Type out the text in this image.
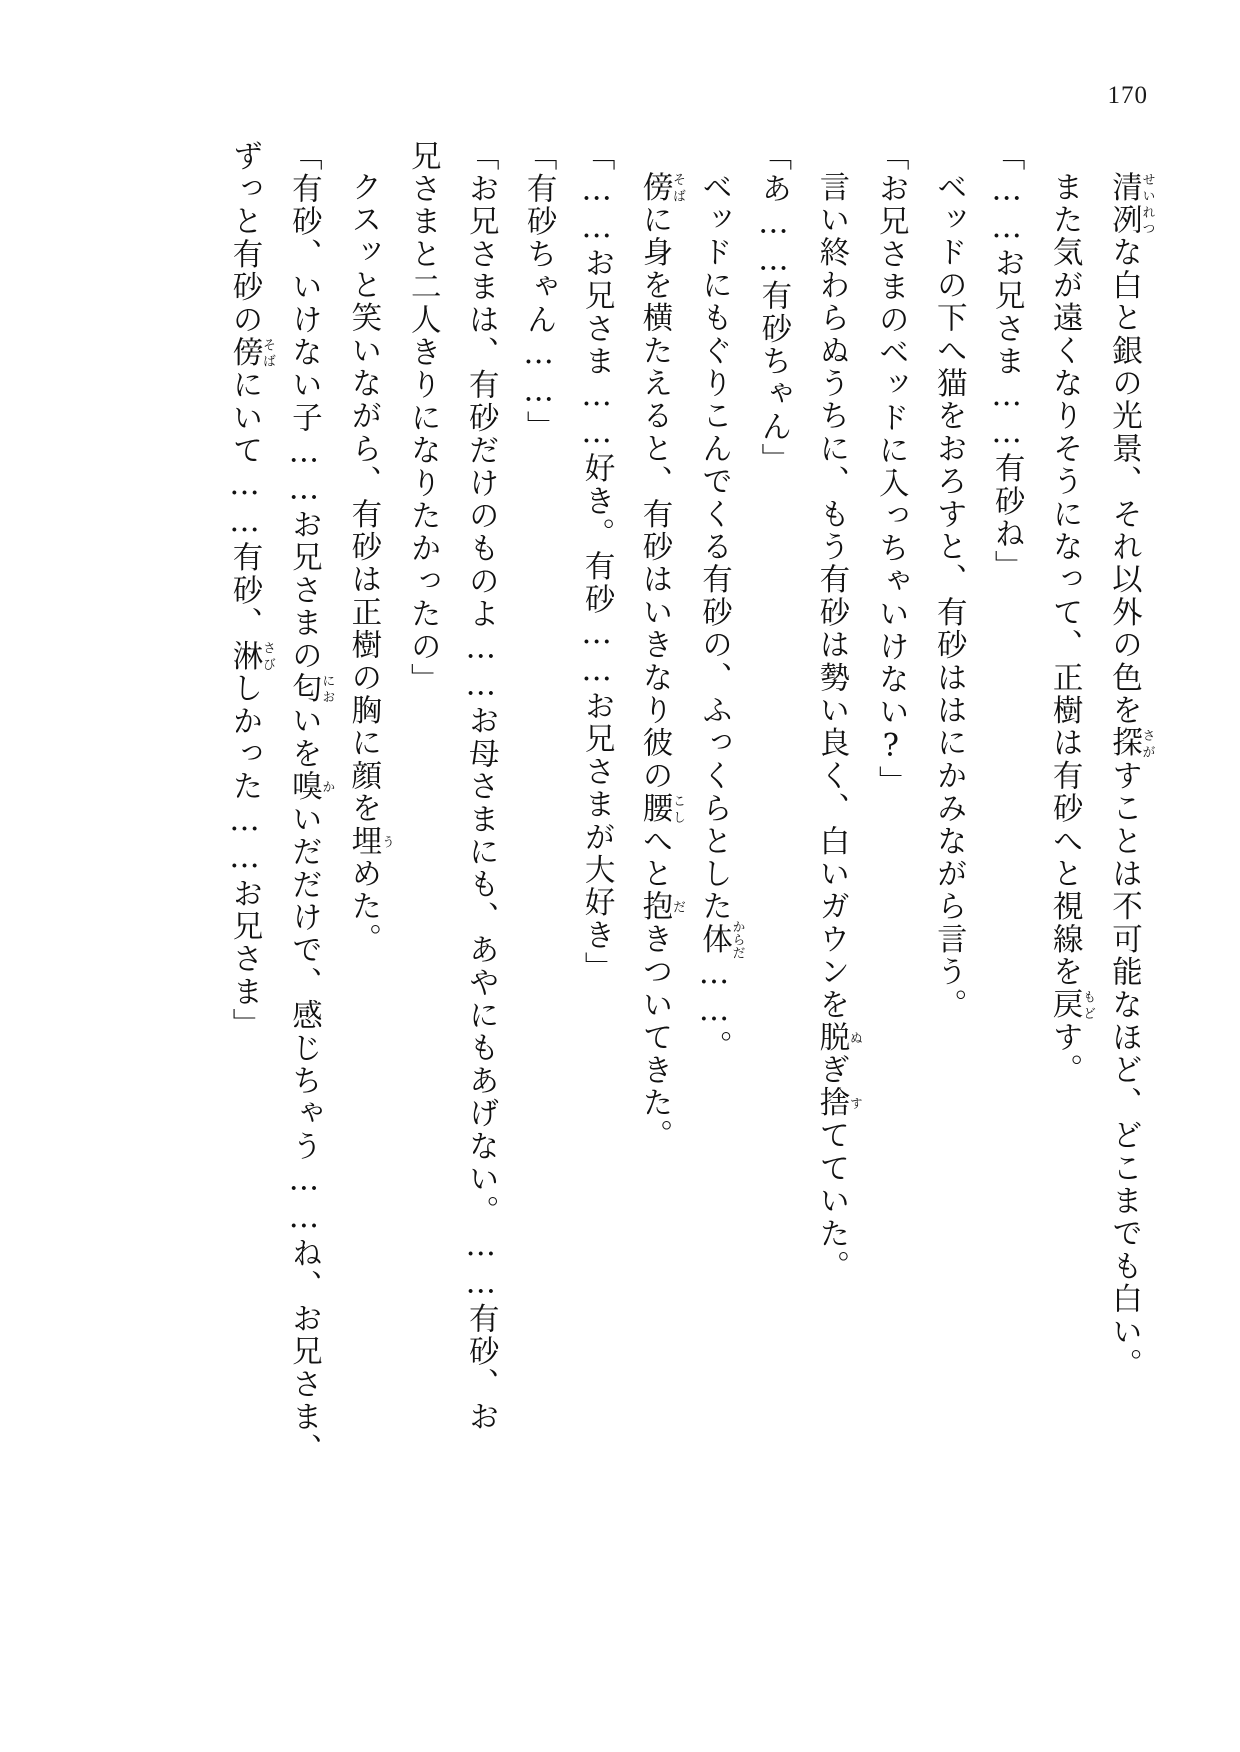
170

清冽せいれつな白と銀の光景、それ以外の色を探さがすことは不可能なほど、どこまでも白い。

また気が遠くなりそうになって、正樹は有砂へと視線を戻もどす。

「……お兄さま……有砂ね」

ベッドの下へ猫をおろすと、有砂ははにかみながら言う。

「お兄さまのベッドに入っちゃいけない?」

言い終わらぬうちに、もう有砂は勢い良く、白いガウンを脱ぬぎ捨すてていた。

「あ……有砂ちゃん」

ベッドにもぐりこんでくる有砂の、ふっくらとした体からだ……。

傍そばに身を横たえると、有砂はいきなり彼の腰こしへと抱だきついてきた。

「……お兄さま……好き。有砂……お兄さまが大好き」

「有砂ちゃん……」

「お兄さまは、有砂だけのものよ……お母さまにも、あやにもあげない。……有砂、お

兄さまと二人きりになりたかったの」

クスッと笑いながら、有砂は正樹の胸に顔を埋うめた。

「有砂、いけない子……お兄さまの匂においを嗅かいだだけで、感じちゃう……ね、お兄さま、

ずっと有砂の傍そばにいて……有砂、淋さびしかった……お兄さま」
